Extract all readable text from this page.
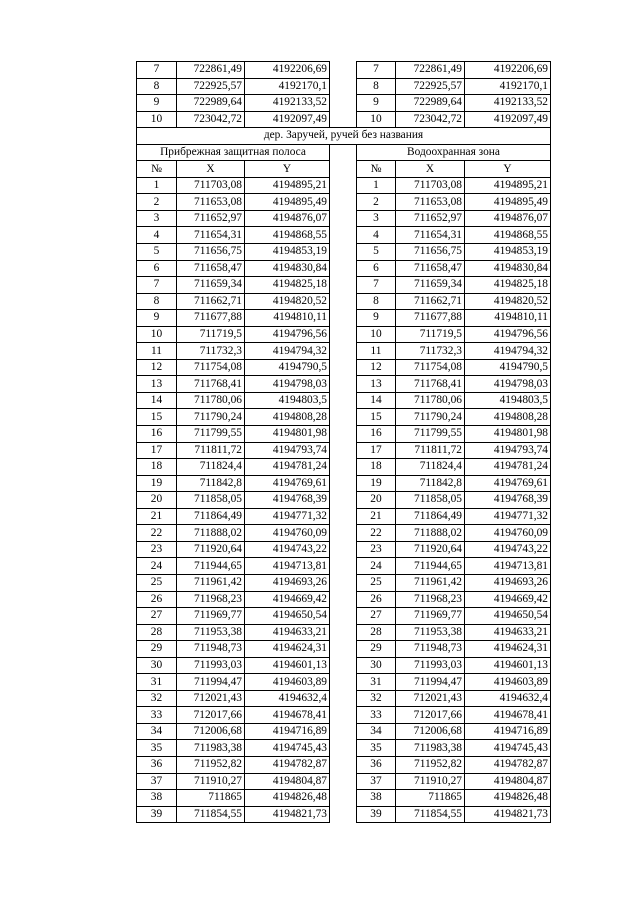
7	722861,49	4192206,69		7	722861,49	4192206,69
8	722925,57	4192170,1		8	722925,57	4192170,1
9	722989,64	4192133,52		9	722989,64	4192133,52
10	723042,72	4192097,49		10	723042,72	4192097,49
дер. Заручей, ручей без названия						
Прибрежная защитная полоса				Водоохранная зона		
№	X	Y		№	X	Y
1	711703,08	4194895,21		1	711703,08	4194895,21
2	711653,08	4194895,49		2	711653,08	4194895,49
3	711652,97	4194876,07		3	711652,97	4194876,07
4	711654,31	4194868,55		4	711654,31	4194868,55
5	711656,75	4194853,19		5	711656,75	4194853,19
6	711658,47	4194830,84		6	711658,47	4194830,84
7	711659,34	4194825,18		7	711659,34	4194825,18
8	711662,71	4194820,52		8	711662,71	4194820,52
9	711677,88	4194810,11		9	711677,88	4194810,11
10	711719,5	4194796,56		10	711719,5	4194796,56
11	711732,3	4194794,32		11	711732,3	4194794,32
12	711754,08	4194790,5		12	711754,08	4194790,5
13	711768,41	4194798,03		13	711768,41	4194798,03
14	711780,06	4194803,5		14	711780,06	4194803,5
15	711790,24	4194808,28		15	711790,24	4194808,28
16	711799,55	4194801,98		16	711799,55	4194801,98
17	711811,72	4194793,74		17	711811,72	4194793,74
18	711824,4	4194781,24		18	711824,4	4194781,24
19	711842,8	4194769,61		19	711842,8	4194769,61
20	711858,05	4194768,39		20	711858,05	4194768,39
21	711864,49	4194771,32		21	711864,49	4194771,32
22	711888,02	4194760,09		22	711888,02	4194760,09
23	711920,64	4194743,22		23	711920,64	4194743,22
24	711944,65	4194713,81		24	711944,65	4194713,81
25	711961,42	4194693,26		25	711961,42	4194693,26
26	711968,23	4194669,42		26	711968,23	4194669,42
27	711969,77	4194650,54		27	711969,77	4194650,54
28	711953,38	4194633,21		28	711953,38	4194633,21
29	711948,73	4194624,31		29	711948,73	4194624,31
30	711993,03	4194601,13		30	711993,03	4194601,13
31	711994,47	4194603,89		31	711994,47	4194603,89
32	712021,43	4194632,4		32	712021,43	4194632,4
33	712017,66	4194678,41		33	712017,66	4194678,41
34	712006,68	4194716,89		34	712006,68	4194716,89
35	711983,38	4194745,43		35	711983,38	4194745,43
36	711952,82	4194782,87		36	711952,82	4194782,87
37	711910,27	4194804,87		37	711910,27	4194804,87
38	711865	4194826,48		38	711865	4194826,48
39	711854,55	4194821,73		39	711854,55	4194821,73
